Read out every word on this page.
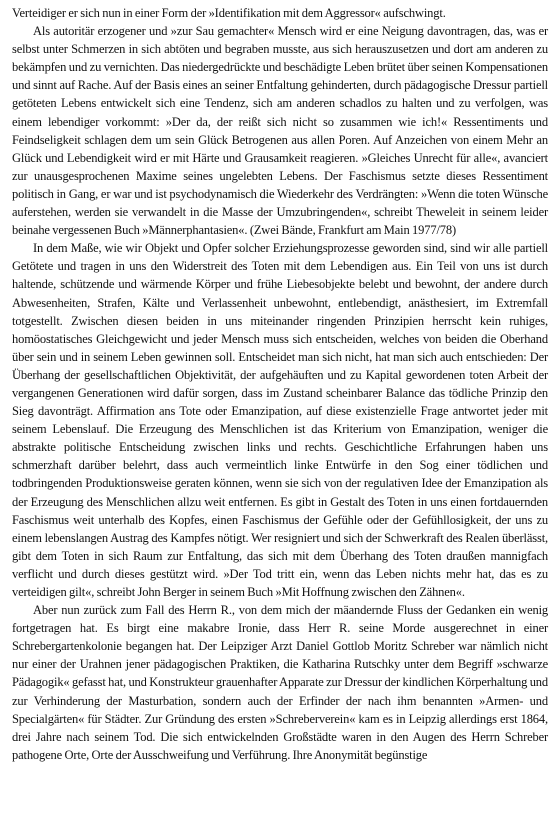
Verteidiger er sich nun in einer Form der »Identifikation mit dem Aggressor« aufschwingt.

Als autoritär erzogener und »zur Sau gemachter« Mensch wird er eine Neigung davontragen, das, was er selbst unter Schmerzen in sich abtöten und begraben musste, aus sich herauszusetzen und dort am anderen zu bekämpfen und zu vernichten. Das niedergedrückte und beschädigte Leben brütet über seinen Kompensationen und sinnt auf Rache. Auf der Basis eines an seiner Entfaltung gehinderten, durch pädagogische Dressur partiell getöteten Lebens entwickelt sich eine Tendenz, sich am anderen schadlos zu halten und zu verfolgen, was einem lebendiger vorkommt: »Der da, der reißt sich nicht so zusammen wie ich!« Ressentiments und Feindseligkeit schlagen dem um sein Glück Betrogenen aus allen Poren. Auf Anzeichen von einem Mehr an Glück und Lebendigkeit wird er mit Härte und Grausamkeit reagieren. »Gleiches Unrecht für alle«, avanciert zur unausgesprochenen Maxime seines ungelebten Lebens. Der Faschismus setzte dieses Ressentiment politisch in Gang, er war und ist psychodynamisch die Wiederkehr des Verdrängten: »Wenn die toten Wünsche auferstehen, werden sie verwandelt in die Masse der Umzubringenden«, schreibt Theweleit in seinem leider beinahe vergessenen Buch »Männerphantasien«. (Zwei Bände, Frankfurt am Main 1977/78)

In dem Maße, wie wir Objekt und Opfer solcher Erziehungsprozesse geworden sind, sind wir alle partiell Getötete und tragen in uns den Widerstreit des Toten mit dem Lebendigen aus. Ein Teil von uns ist durch haltende, schützende und wärmende Körper und frühe Liebesobjekte belebt und bewohnt, der andere durch Abwesenheiten, Strafen, Kälte und Verlassenheit unbewohnt, entlebendigt, anästhesiert, im Extremfall totgestellt. Zwischen diesen beiden in uns miteinander ringenden Prinzipien herrscht kein ruhiges, homöostatisches Gleichgewicht und jeder Mensch muss sich entscheiden, welches von beiden die Oberhand über sein und in seinem Leben gewinnen soll. Entscheidet man sich nicht, hat man sich auch entschieden: Der Überhang der gesellschaftlichen Objektivität, der aufgehäuften und zu Kapital gewordenen toten Arbeit der vergangenen Generationen wird dafür sorgen, dass im Zustand scheinbarer Balance das tödliche Prinzip den Sieg davonträgt. Affirmation ans Tote oder Emanzipation, auf diese existenzielle Frage antwortet jeder mit seinem Lebenslauf. Die Erzeugung des Menschlichen ist das Kriterium von Emanzipation, weniger die abstrakte politische Entscheidung zwischen links und rechts. Geschichtliche Erfahrungen haben uns schmerzhaft darüber belehrt, dass auch vermeintlich linke Entwürfe in den Sog einer tödlichen und todbringenden Produktionsweise geraten können, wenn sie sich von der regulativen Idee der Emanzipation als der Erzeugung des Menschlichen allzu weit entfernen. Es gibt in Gestalt des Toten in uns einen fortdauernden Faschismus weit unterhalb des Kopfes, einen Faschismus der Gefühle oder der Gefühllosigkeit, der uns zu einem lebenslangen Austrag des Kampfes nötigt. Wer resigniert und sich der Schwerkraft des Realen überlässt, gibt dem Toten in sich Raum zur Entfaltung, das sich mit dem Überhang des Toten draußen mannigfach verflicht und durch dieses gestützt wird. »Der Tod tritt ein, wenn das Leben nichts mehr hat, das es zu verteidigen gilt«, schreibt John Berger in seinem Buch »Mit Hoffnung zwischen den Zähnen«.

Aber nun zurück zum Fall des Herrn R., von dem mich der mäandernde Fluss der Gedanken ein wenig fortgetragen hat. Es birgt eine makabre Ironie, dass Herr R. seine Morde ausgerechnet in einer Schrebergartenkolonie begangen hat. Der Leipziger Arzt Daniel Gottlob Moritz Schreber war nämlich nicht nur einer der Urahnen jener pädagogischen Praktiken, die Katharina Rutschky unter dem Begriff »schwarze Pädagogik« gefasst hat, und Konstrukteur grauenhafter Apparate zur Dressur der kindlichen Körperhaltung und zur Verhinderung der Masturbation, sondern auch der Erfinder der nach ihm benannten »Armen- und Specialgärten« für Städter. Zur Gründung des ersten »Schreberverein« kam es in Leipzig allerdings erst 1864, drei Jahre nach seinem Tod. Die sich entwickelnden Großstädte waren in den Augen des Herrn Schreber pathogene Orte, Orte der Ausschweifung und Verführung. Ihre Anonymität begünstige
